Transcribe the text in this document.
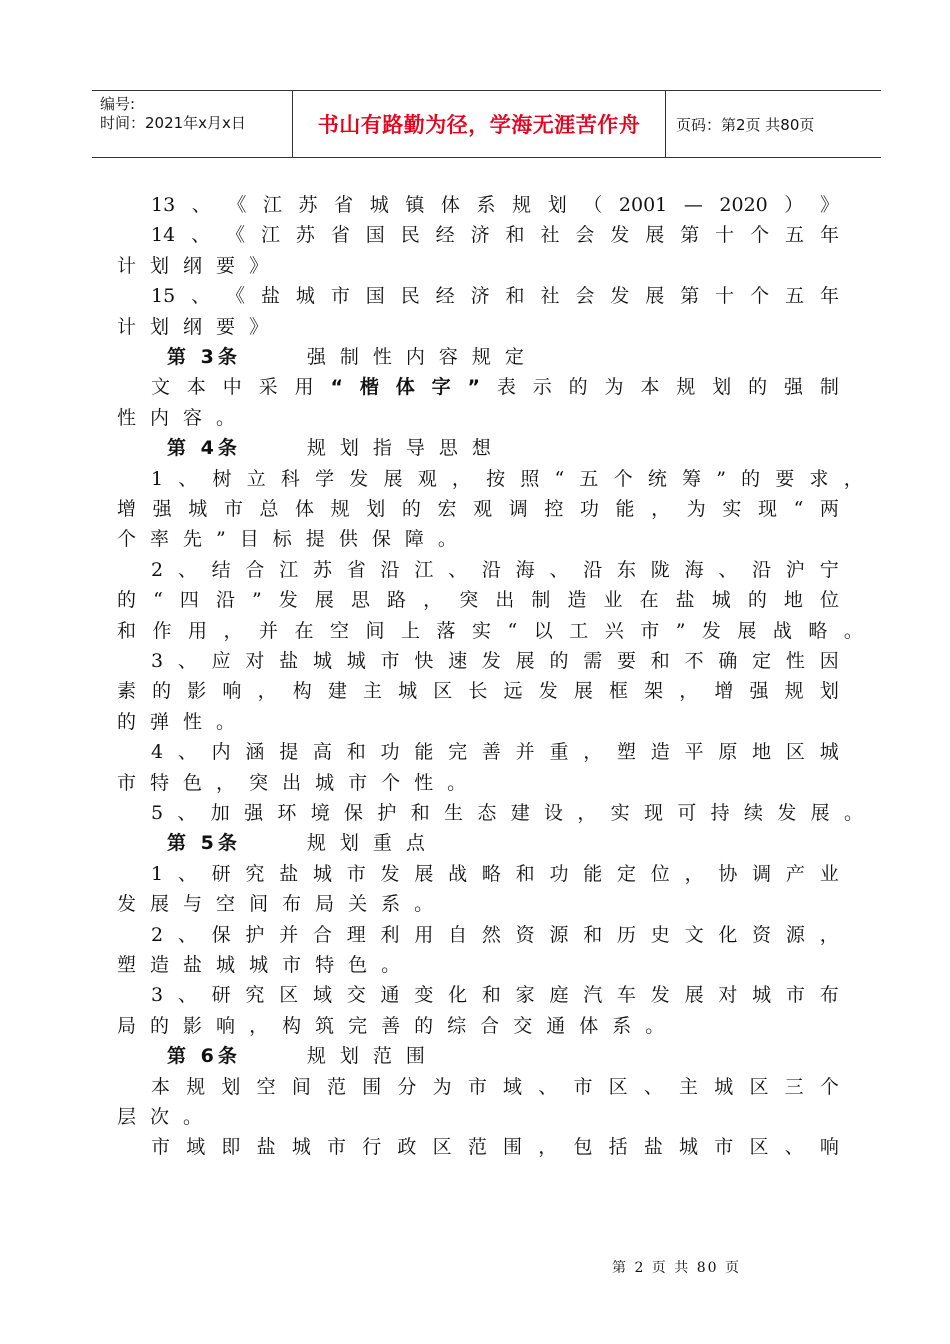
编号:
时间：2021年x月x日	书山有路勤为径，学海无涯苦作舟	页码：第2页 共80页
13 、 《 江 苏 省 城 镇 体 系 规 划 （ 2001 — 2020 ） 》
14 、 《 江 苏 省 国 民 经 济 和 社 会 发 展 第 十 个 五 年
计 划 纲 要 》
15 、 《 盐 城 市 国 民 经 济 和 社 会 发 展 第 十 个 五 年
计 划 纲 要 》
第 3条	强制性内容规定
文 本 中 采 用 “ 楷 体 字 ” 表 示 的 为 本 规 划 的 强 制
性 内 容 。
第 4条	规划指导思想
1 、 树 立 科 学 发 展 观 ， 按 照 “ 五 个 统 筹 ” 的 要 求 ，
增 强 城 市 总 体 规 划 的 宏 观 调 控 功 能 ， 为 实 现 “ 两
个 率 先 ” 目 标 提 供 保 障 。
2 、 结 合 江 苏 省 沿 江 、 沿 海 、 沿 东 陇 海 、 沿 沪 宁
的 “ 四 沿 ” 发 展 思 路 ， 突 出 制 造 业 在 盐 城 的 地 位
和 作 用 ， 并 在 空 间 上 落 实 “ 以 工 兴 市 ” 发 展 战 略 。
3 、 应 对 盐 城 城 市 快 速 发 展 的 需 要 和 不 确 定 性 因
素 的 影 响 ， 构 建 主 城 区 长 远 发 展 框 架 ， 增 强 规 划
的 弹 性 。
4 、 内 涵 提 高 和 功 能 完 善 并 重 ， 塑 造 平 原 地 区 城
市 特 色 ， 突 出 城 市 个 性 。
5 、 加 强 环 境 保 护 和 生 态 建 设 ， 实 现 可 持 续 发 展 。
第 5条	规划重点
1 、 研 究 盐 城 市 发 展 战 略 和 功 能 定 位 ， 协 调 产 业
发 展 与 空 间 布 局 关 系 。
2 、 保 护 并 合 理 利 用 自 然 资 源 和 历 史 文 化 资 源 ，
塑 造 盐 城 城 市 特 色 。
3 、 研 究 区 域 交 通 变 化 和 家 庭 汽 车 发 展 对 城 市 布
局 的 影 响 ， 构 筑 完 善 的 综 合 交 通 体 系 。
第 6条	规划范围
本 规 划 空 间 范 围 分 为 市 域 、 市 区 、 主 城 区 三 个
层 次 。
市 域 即 盐 城 市 行 政 区 范 围 ， 包 括 盐 城 市 区 、 响
第 2 页 共 80 页
